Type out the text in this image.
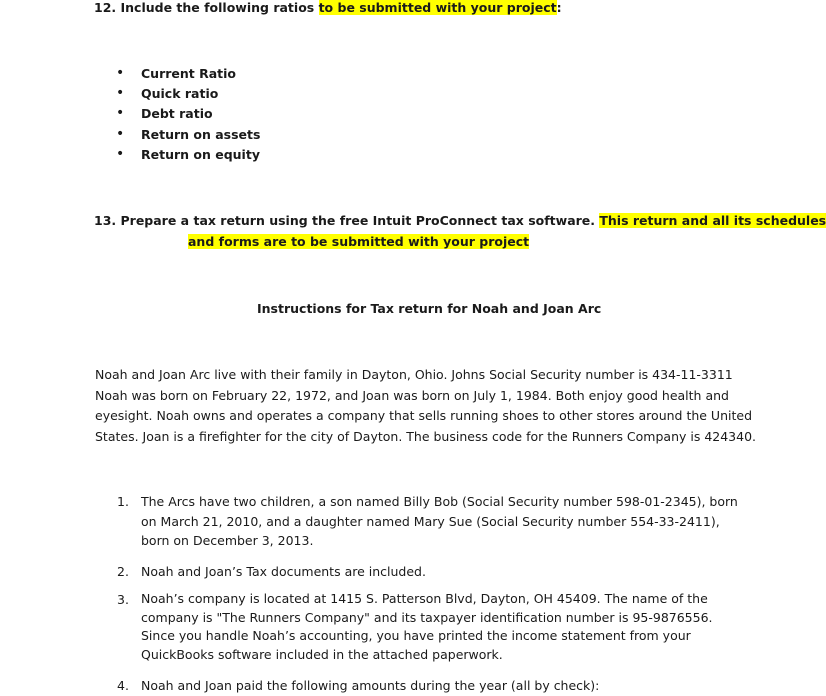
12. Include the following ratios to be submitted with your project:
• Current Ratio
• Quick ratio
• Debt ratio
• Return on assets
• Return on equity
13. Prepare a tax return using the free Intuit ProConnect tax software. This return and all its schedules
and forms are to be submitted with your project
Instructions for Tax return for Noah and Joan Arc
Noah and Joan Arc live with their family in Dayton, Ohio. Johns Social Security number is 434-11-3311
Noah was born on February 22, 1972, and Joan was born on July 1, 1984. Both enjoy good health and
eyesight. Noah owns and operates a company that sells running shoes to other stores around the United
States. Joan is a firefighter for the city of Dayton. The business code for the Runners Company is 424340.
1. The Arcs have two children, a son named Billy Bob (Social Security number 598-01-2345), born
on March 21, 2010, and a daughter named Mary Sue (Social Security number 554-33-2411),
born on December 3, 2013.
2. Noah and Joan’s Tax documents are included.
3. Noah’s company is located at 1415 S. Patterson Blvd, Dayton, OH 45409. The name of the
company is "The Runners Company" and its taxpayer identification number is 95-9876556.
Since you handle Noah’s accounting, you have printed the income statement from your
QuickBooks software included in the attached paperwork.
4. Noah and Joan paid the following amounts during the year (all by check):
